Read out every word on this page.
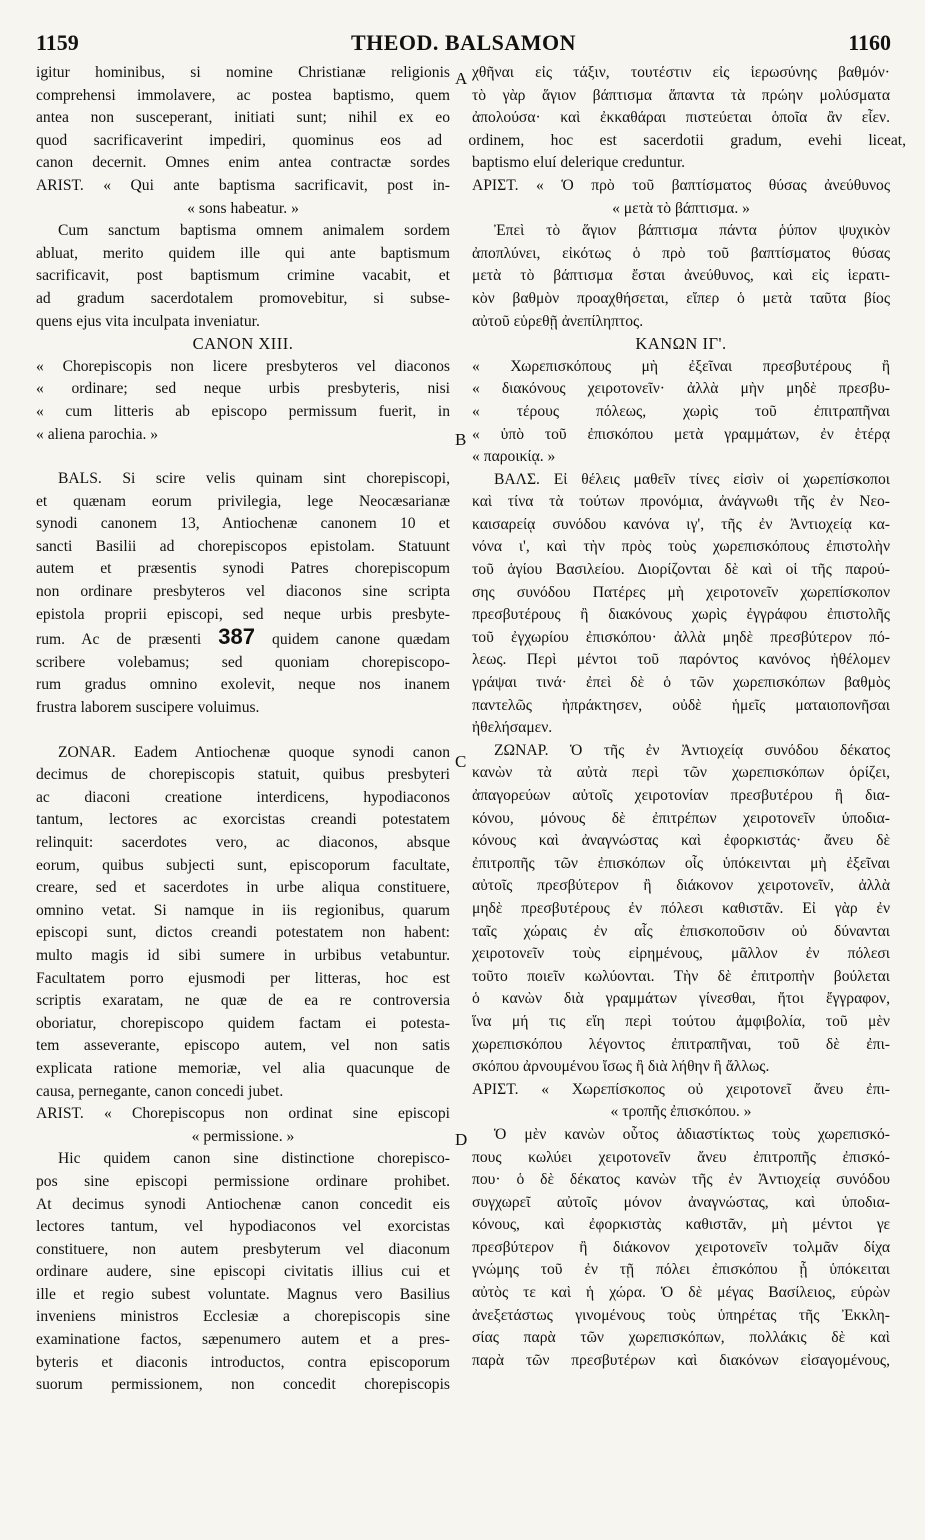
1159	THEOD. BALSAMON	1160
A
B
C
D
igitur hominibus, si nomine Christianæ religionis
comprehensi immolavere, ac postea baptismo, quem
antea non susceperant, initiati sunt; nihil ex eo
quod sacrificaverint impediri, quominus eos ad ordinem, hoc est sacerdotii gradum, evehi liceat,
canon decernit. Omnes enim antea contractæ sordes
ARIST. « Qui ante baptisma sacrificavit, post in-
« sons habeatur. »
Cum sanctum baptisma omnem animalem sordem
abluat, merito quidem ille qui ante baptismum
sacrificavit, post baptismum crimine vacabit, et
ad gradum sacerdotalem promovebitur, si subse-
quens ejus vita inculpata inveniatur.
CANON XIII.
« Chorepiscopis non licere presbyteros vel diaconos
« ordinare; sed neque urbis presbyteris, nisi
« cum litteris ab episcopo permissum fuerit, in
« aliena parochia. »
BALS. Si scire velis quinam sint chorepiscopi,
et quænam eorum privilegia, lege Neocæsarianæ
synodi canonem 13, Antiochenæ canonem 10 et
sancti Basilii ad chorepiscopos epistolam. Statuunt
autem et præsentis synodi Patres chorepiscopum
non ordinare presbyteros vel diaconos sine scripta
epistola proprii episcopi, sed neque urbis presbyte-
rum. Ac de præsenti 387 quidem canone quædam
scribere volebamus; sed quoniam chorepiscopo-
rum gradus omnino exolevit, neque nos inanem
frustra laborem suscipere voluimus.
ZONAR. Eadem Antiochenæ quoque synodi canon
decimus de chorepiscopis statuit, quibus presbyteri
ac diaconi creatione interdicens, hypodiaconos
tantum, lectores ac exorcistas creandi potestatem
relinquit: sacerdotes vero, ac diaconos, absque
eorum, quibus subjecti sunt, episcoporum facultate,
creare, sed et sacerdotes in urbe aliqua constituere,
omnino vetat. Si namque in iis regionibus, quarum
episcopi sunt, dictos creandi potestatem non habent:
multo magis id sibi sumere in urbibus vetabuntur.
Facultatem porro ejusmodi per litteras, hoc est
scriptis exaratam, ne quæ de ea re controversia
oboriatur, chorepiscopo quidem factam ei potesta-
tem asseverante, episcopo autem, vel non satis
explicata ratione memoriæ, vel alia quacunque de
causa, pernegante, canon concedi jubet.
ARIST. « Chorepiscopus non ordinat sine episcopi
« permissione. »
Hic quidem canon sine distinctione chorepisco-
pos sine episcopi permissione ordinare prohibet.
At decimus synodi Antiochenæ canon concedit eis
lectores tantum, vel hypodiaconos vel exorcistas
constituere, non autem presbyterum vel diaconum
ordinare audere, sine episcopi civitatis illius cui et
ille et regio subest voluntate. Magnus vero Basilius
inveniens ministros Ecclesiæ a chorepiscopis sine
examinatione factos, sæpenumero autem et a pres-
byteris et diaconis introductos, contra episcoporum
suorum permissionem, non concedit chorepiscopis
χθῆναι εἰς τάξιν, τουτέστιν εἰς ἱερωσύνης βαθμόν·
τὸ γὰρ ἅγιον βάπτισμα ἅπαντα τὰ πρώην μολύσματα
ἀπολούσα· καὶ ἐκκαθάραι πιστεύεται ὁποῖα ἂν εἶεν.
baptismo eluí delerique creduntur.
ΑΡΙΣΤ. « Ὁ πρὸ τοῦ βαπτίσματος θύσας ἀνεύθυνος
« μετὰ τὸ βάπτισμα. »
Ἐπεὶ τὸ ἅγιον βάπτισμα πάντα ῥύπον ψυχικὸν
ἀποπλύνει, εἰκότως ὁ πρὸ τοῦ βαπτίσματος θύσας
μετὰ τὸ βάπτισμα ἔσται ἀνεύθυνος, καὶ εἰς ἱερατι-
κὸν βαθμὸν προαχθήσεται, εἴπερ ὁ μετὰ ταῦτα βίος
αὐτοῦ εὑρεθῇ ἀνεπίληπτος.
ΚΑΝΩΝ ΙΓ'.
« Χωρεπισκόπους μὴ ἐξεῖναι πρεσβυτέρους ἢ
« διακόνους χειροτονεῖν· ἀλλὰ μὴν μηδὲ πρεσβυ-
« τέρους πόλεως, χωρὶς τοῦ ἐπιτραπῆναι
« ὑπὸ τοῦ ἐπισκόπου μετὰ γραμμάτων, ἐν ἑτέρᾳ
« παροικίᾳ. »
ΒΑΛΣ. Εἰ θέλεις μαθεῖν τίνες εἰσὶν οἱ χωρεπίσκοποι
καὶ τίνα τὰ τούτων προνόμια, ἀνάγνωθι τῆς ἐν Νεο-
καισαρείᾳ συνόδου κανόνα ιγ', τῆς ἐν Ἀντιοχείᾳ κα-
νόνα ι', καὶ τὴν πρὸς τοὺς χωρεπισκόπους ἐπιστολὴν
τοῦ ἁγίου Βασιλείου. Διορίζονται δὲ καὶ οἱ τῆς παρού-
σης συνόδου Πατέρες μὴ χειροτονεῖν χωρεπίσκοπον
πρεσβυτέρους ἢ διακόνους χωρὶς ἐγγράφου ἐπιστολῆς
τοῦ ἐγχωρίου ἐπισκόπου· ἀλλὰ μηδὲ πρεσβύτερον πό-
λεως. Περὶ μέντοι τοῦ παρόντος κανόνος ἠθέλομεν
γράψαι τινά· ἐπεὶ δὲ ὁ τῶν χωρεπισκόπων βαθμὸς
παντελῶς ἠπράκτησεν, οὐδὲ ἡμεῖς ματαιοπονῆσαι
ἠθελήσαμεν.
ΖΩΝΑΡ. Ὁ τῆς ἐν Ἀντιοχείᾳ συνόδου δέκατος
κανὼν τὰ αὐτὰ περὶ τῶν χωρεπισκόπων ὁρίζει,
ἀπαγορεύων αὐτοῖς χειροτονίαν πρεσβυτέρου ἢ δια-
κόνου, μόνους δὲ ἐπιτρέπων χειροτονεῖν ὑποδια-
κόνους καὶ ἀναγνώστας καὶ ἐφορκιστάς· ἄνευ δὲ
ἐπιτροπῆς τῶν ἐπισκόπων οἷς ὑπόκεινται μὴ ἐξεῖναι
αὐτοῖς πρεσβύτερον ἢ διάκονον χειροτονεῖν, ἀλλὰ
μηδὲ πρεσβυτέρους ἐν πόλεσι καθιστᾶν. Εἰ γὰρ ἐν
ταῖς χώραις ἐν αἷς ἐπισκοποῦσιν οὐ δύνανται
χειροτονεῖν τοὺς εἰρημένους, μᾶλλον ἐν πόλεσι
τοῦτο ποιεῖν κωλύονται. Τὴν δὲ ἐπιτροπὴν βούλεται
ὁ κανὼν διὰ γραμμάτων γίνεσθαι, ἤτοι ἔγγραφον,
ἵνα μή τις εἴη περὶ τούτου ἀμφιβολία, τοῦ μὲν
χωρεπισκόπου λέγοντος ἐπιτραπῆναι, τοῦ δὲ ἐπι-
σκόπου ἀρνουμένου ἴσως ἢ διὰ λήθην ἢ ἄλλως.
ΑΡΙΣΤ. « Χωρεπίσκοπος οὐ χειροτονεῖ ἄνευ ἐπι-
« τροπῆς ἐπισκόπου. »
Ὁ μὲν κανὼν οὗτος ἀδιαστίκτως τοὺς χωρεπισκό-
πους κωλύει χειροτονεῖν ἄνευ ἐπιτροπῆς ἐπισκό-
που· ὁ δὲ δέκατος κανὼν τῆς ἐν Ἀντιοχείᾳ συνόδου
συγχωρεῖ αὐτοῖς μόνον ἀναγνώστας, καὶ ὑποδια-
κόνους, καὶ ἐφορκιστὰς καθιστᾶν, μὴ μέντοι γε
πρεσβύτερον ἢ διάκονον χειροτονεῖν τολμᾶν δίχα
γνώμης τοῦ ἐν τῇ πόλει ἐπισκόπου ᾗ ὑπόκειται
αὐτὸς τε καὶ ἡ χώρα. Ὁ δὲ μέγας Βασίλειος, εὑρὼν
ἀνεξετάστως γινομένους τοὺς ὑπηρέτας τῆς Ἐκκλη-
σίας παρὰ τῶν χωρεπισκόπων, πολλάκις δὲ καὶ
παρὰ τῶν πρεσβυτέρων καὶ διακόνων εἰσαγομένους,
